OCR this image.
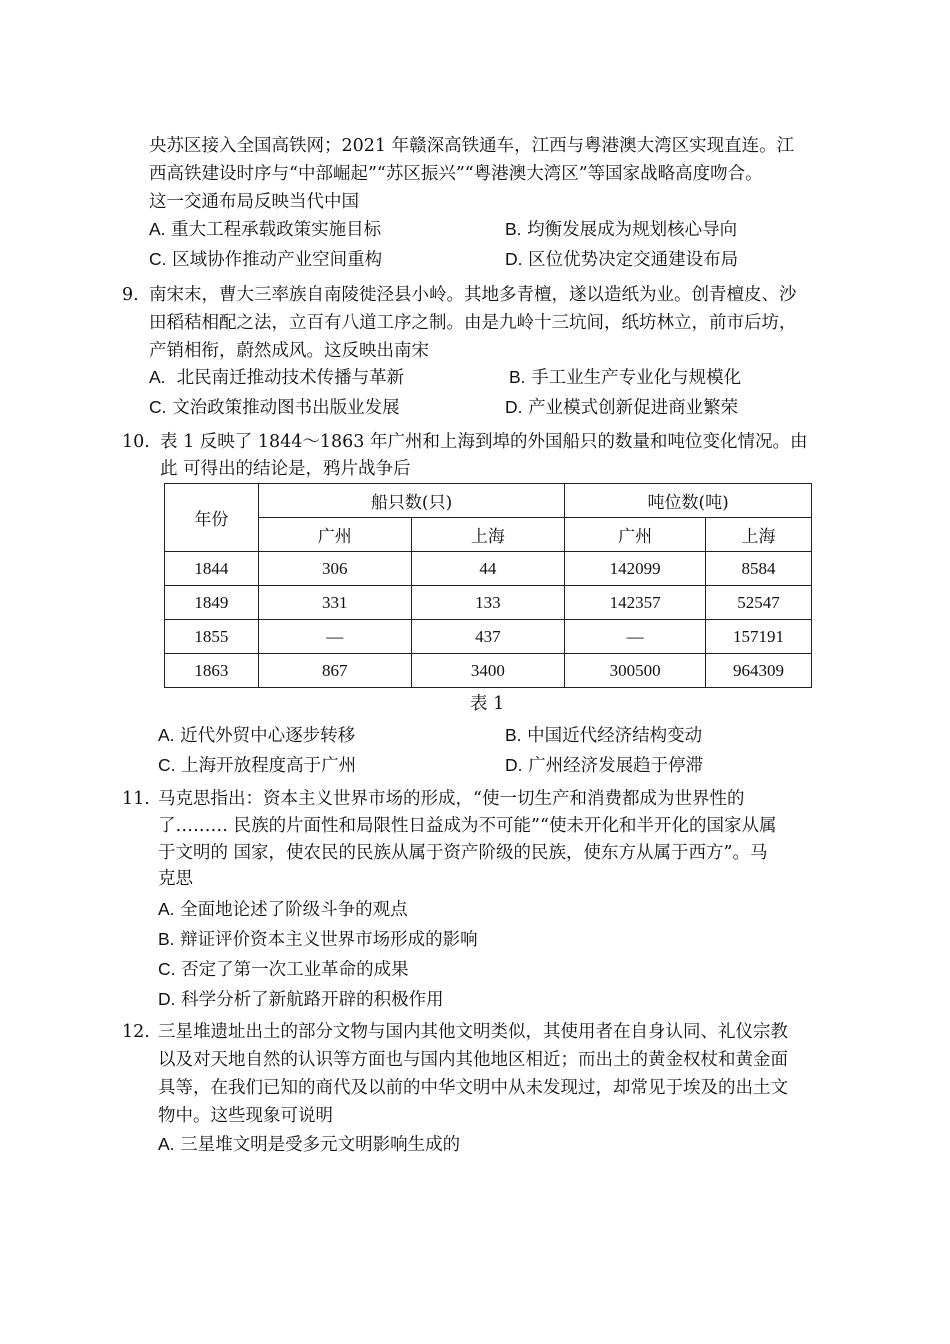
央苏区接入全国高铁网；2021 年赣深高铁通车，江西与粤港澳大湾区实现直连。江
西高铁建设时序与“中部崛起”“苏区振兴”“粤港澳大湾区”等国家战略高度吻合。
这一交通布局反映当代中国
A. 重大工程承载政策实施目标	B. 均衡发展成为规划核心导向
C. 区域协作推动产业空间重构	D. 区位优势决定交通建设布局
9. 南宋末，曹大三率族自南陵徙泾县小岭。其地多青檀，遂以造纸为业。创青檀皮、沙
田稻秸相配之法，立百有八道工序之制。由是九岭十三坑间，纸坊林立，前市后坊，
产销相衔，蔚然成风。这反映出南宋
A. 北民南迁推动技术传播与革新	B. 手工业生产专业化与规模化
C. 文治政策推动图书出版业发展	D. 产业模式创新促进商业繁荣
10. 表 1 反映了 1844～1863 年广州和上海到埠的外国船只的数量和吨位变化情况。由
此 可得出的结论是，鸦片战争后
年份	船只数(只)		吨位数(吨)	
	广州	上海	广州	上海
1844	306	44	142099	8584
1849	331	133	142357	52547
1855	—	437	—	157191
1863	867	3400	300500	964309
表 1
A. 近代外贸中心逐步转移	B. 中国近代经济结构变动
C. 上海开放程度高于广州	D. 广州经济发展趋于停滞
11. 马克思指出：资本主义世界市场的形成，“使一切生产和消费都成为世界性的
了……… 民族的片面性和局限性日益成为不可能”“使未开化和半开化的国家从属
于文明的 国家，使农民的民族从属于资产阶级的民族，使东方从属于西方”。马
克思
A. 全面地论述了阶级斗争的观点
B. 辩证评价资本主义世界市场形成的影响
C. 否定了第一次工业革命的成果
D. 科学分析了新航路开辟的积极作用
12. 三星堆遗址出土的部分文物与国内其他文明类似，其使用者在自身认同、礼仪宗教
以及对天地自然的认识等方面也与国内其他地区相近；而出土的黄金权杖和黄金面
具等，在我们已知的商代及以前的中华文明中从未发现过，却常见于埃及的出土文
物中。这些现象可说明
A. 三星堆文明是受多元文明影响生成的
